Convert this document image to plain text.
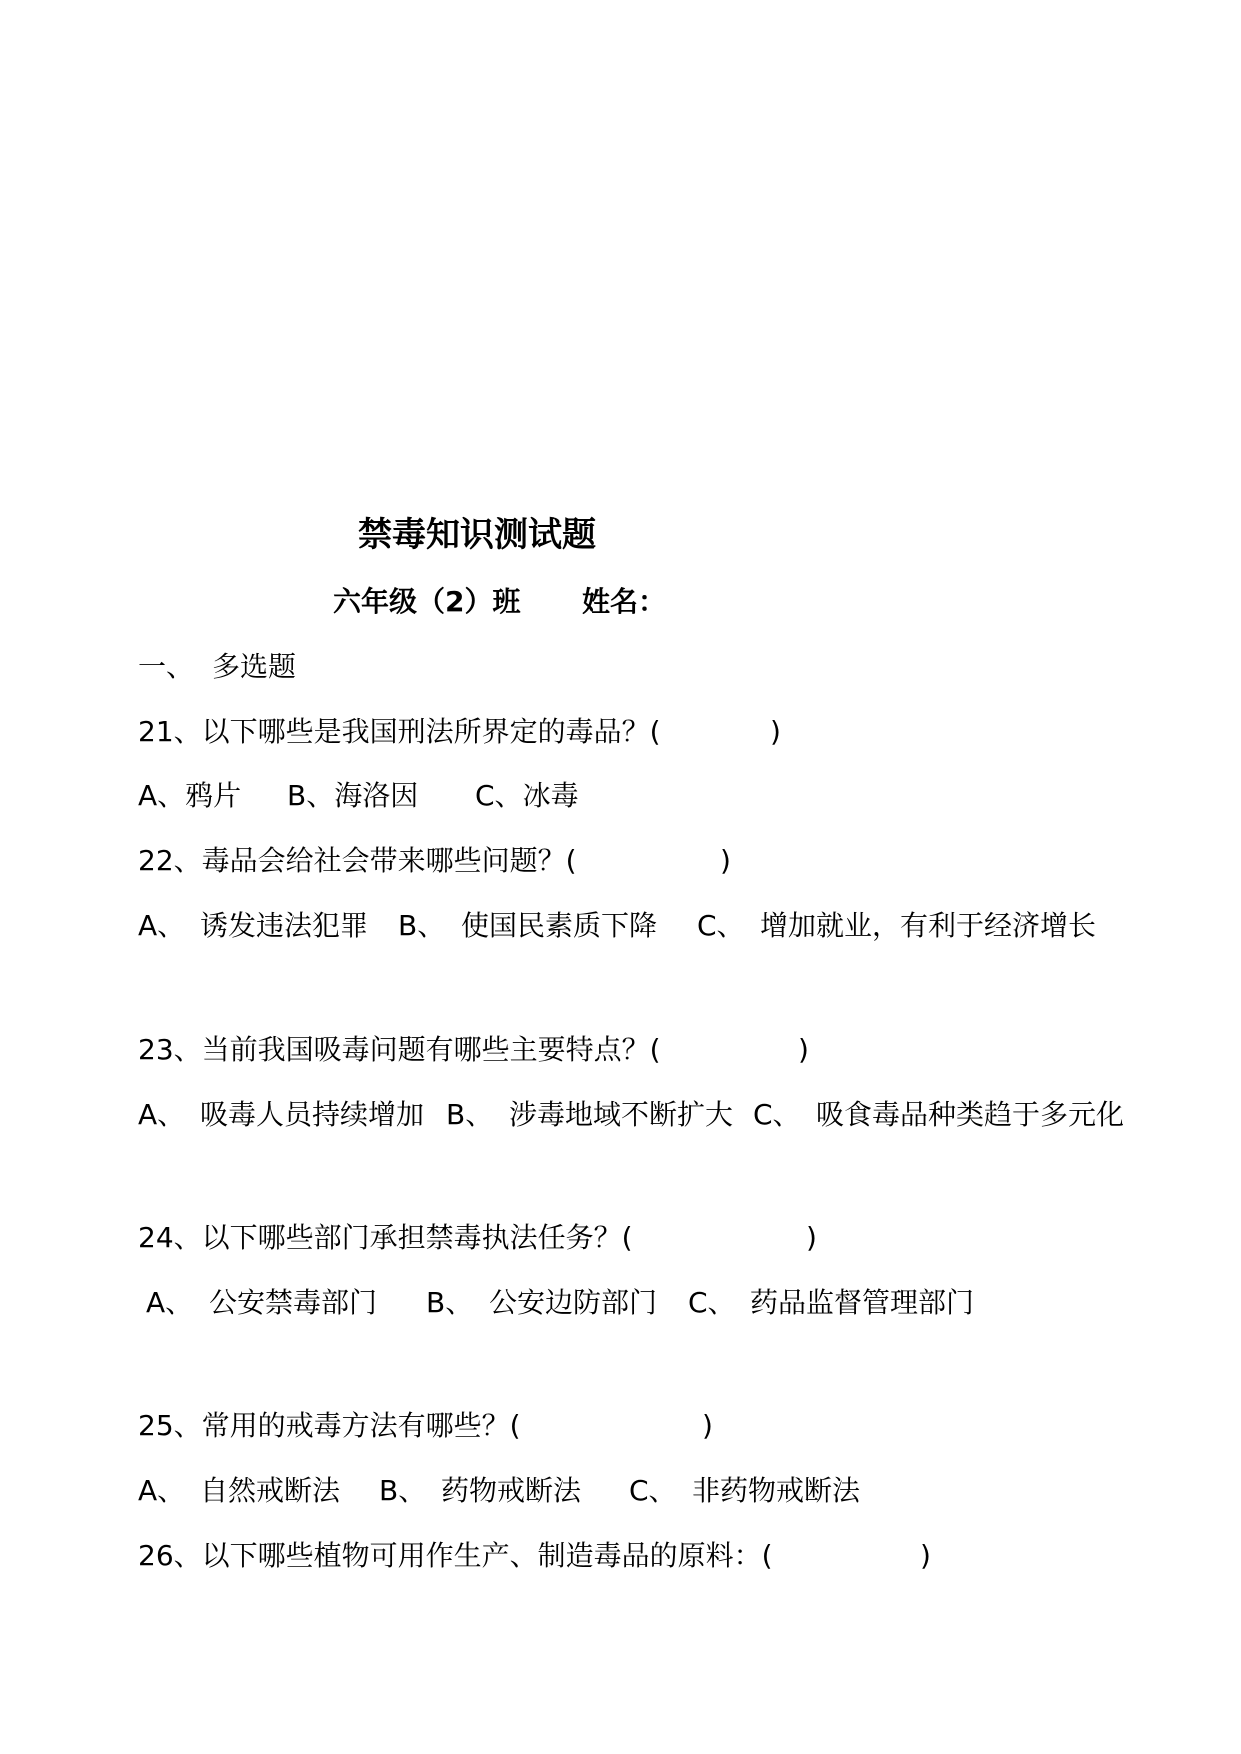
禁毒知识测试题
六年级（2）班 姓名：
一、 多选题
21、以下哪些是我国刑法所界定的毒品？(	)
A、鸦片 B、海洛因 C、冰毒
22、毒品会给社会带来哪些问题？(	)
A、 诱发违法犯罪 B、 使国民素质下降 C、 增加就业，有利于经济增长
23、当前我国吸毒问题有哪些主要特点？(	)
A、 吸毒人员持续增加 B、 涉毒地域不断扩大 C、 吸食毒品种类趋于多元化
24、以下哪些部门承担禁毒执法任务？(	)
A、 公安禁毒部门 B、 公安边防部门 C、 药品监督管理部门
25、常用的戒毒方法有哪些？(	)
A、 自然戒断法 B、 药物戒断法 C、 非药物戒断法
26、以下哪些植物可用作生产、制造毒品的原料：(	)
